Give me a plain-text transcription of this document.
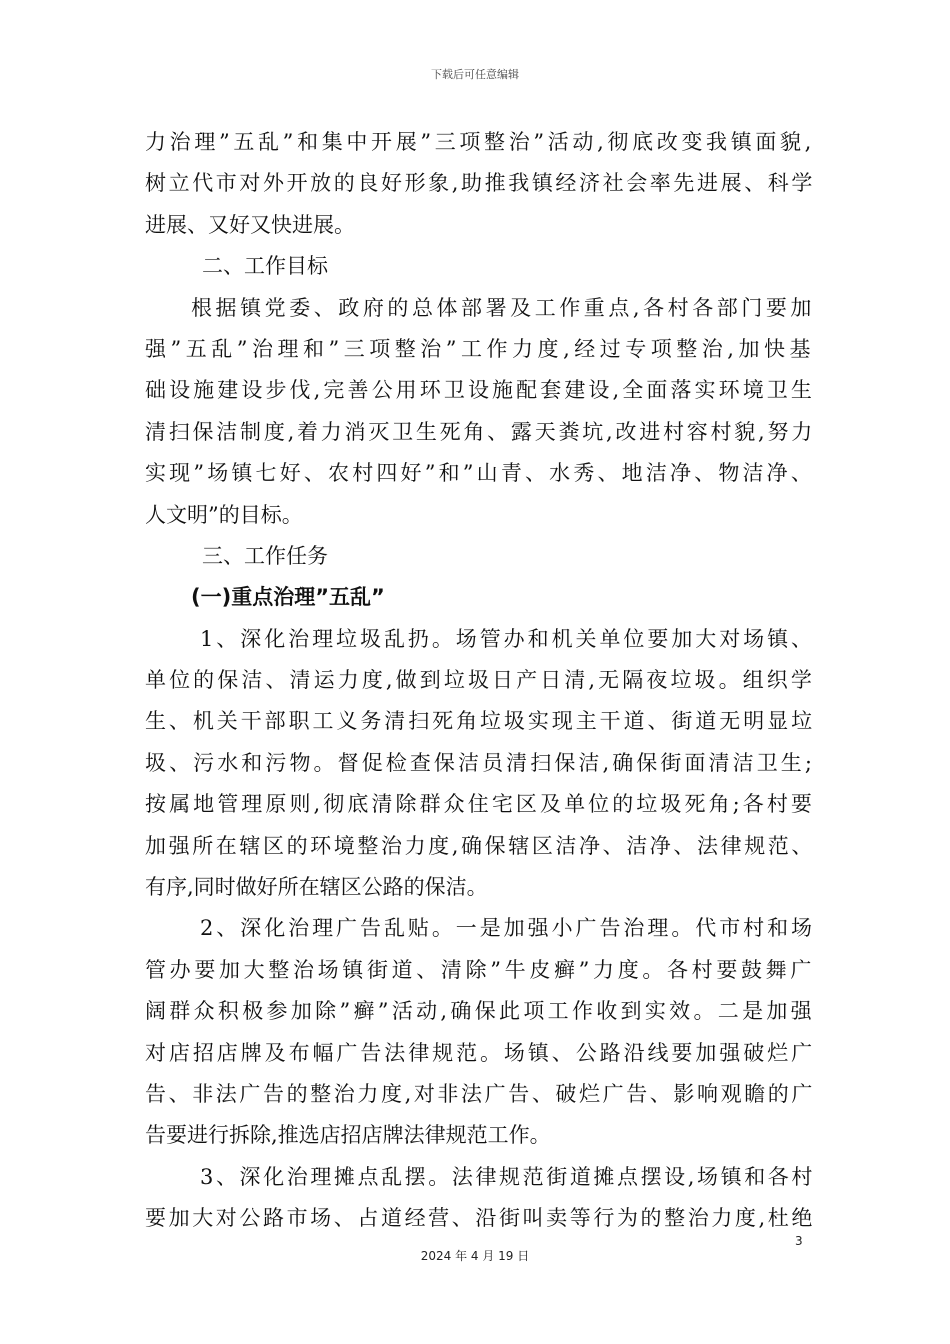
下载后可任意编辑
力治理”五乱”和集中开展”三项整治”活动,彻底改变我镇面貌,
树立代市对外开放的良好形象,助推我镇经济社会率先进展、科学
进展、又好又快进展。
二、工作目标
根据镇党委、政府的总体部署及工作重点,各村各部门要加
强”五乱”治理和”三项整治”工作力度,经过专项整治,加快基
础设施建设步伐,完善公用环卫设施配套建设,全面落实环境卫生
清扫保洁制度,着力消灭卫生死角、露天粪坑,改进村容村貌,努力
实现”场镇七好、农村四好”和”山青、水秀、地洁净、物洁净、
人文明”的目标。
三、工作任务
(一)重点治理”五乱”
1、深化治理垃圾乱扔。场管办和机关单位要加大对场镇、
单位的保洁、清运力度,做到垃圾日产日清,无隔夜垃圾。组织学
生、机关干部职工义务清扫死角垃圾实现主干道、街道无明显垃
圾、污水和污物。督促检查保洁员清扫保洁,确保街面清洁卫生;
按属地管理原则,彻底清除群众住宅区及单位的垃圾死角;各村要
加强所在辖区的环境整治力度,确保辖区洁净、洁净、法律规范、
有序,同时做好所在辖区公路的保洁。
2、深化治理广告乱贴。一是加强小广告治理。代市村和场
管办要加大整治场镇街道、清除”牛皮癣”力度。各村要鼓舞广
阔群众积极参加除”癣”活动,确保此项工作收到实效。二是加强
对店招店牌及布幅广告法律规范。场镇、公路沿线要加强破烂广
告、非法广告的整治力度,对非法广告、破烂广告、影响观瞻的广
告要进行拆除,推选店招店牌法律规范工作。
3、深化治理摊点乱摆。法律规范街道摊点摆设,场镇和各村
要加大对公路市场、占道经营、沿街叫卖等行为的整治力度,杜绝
3
2024 年 4 月 19 日
